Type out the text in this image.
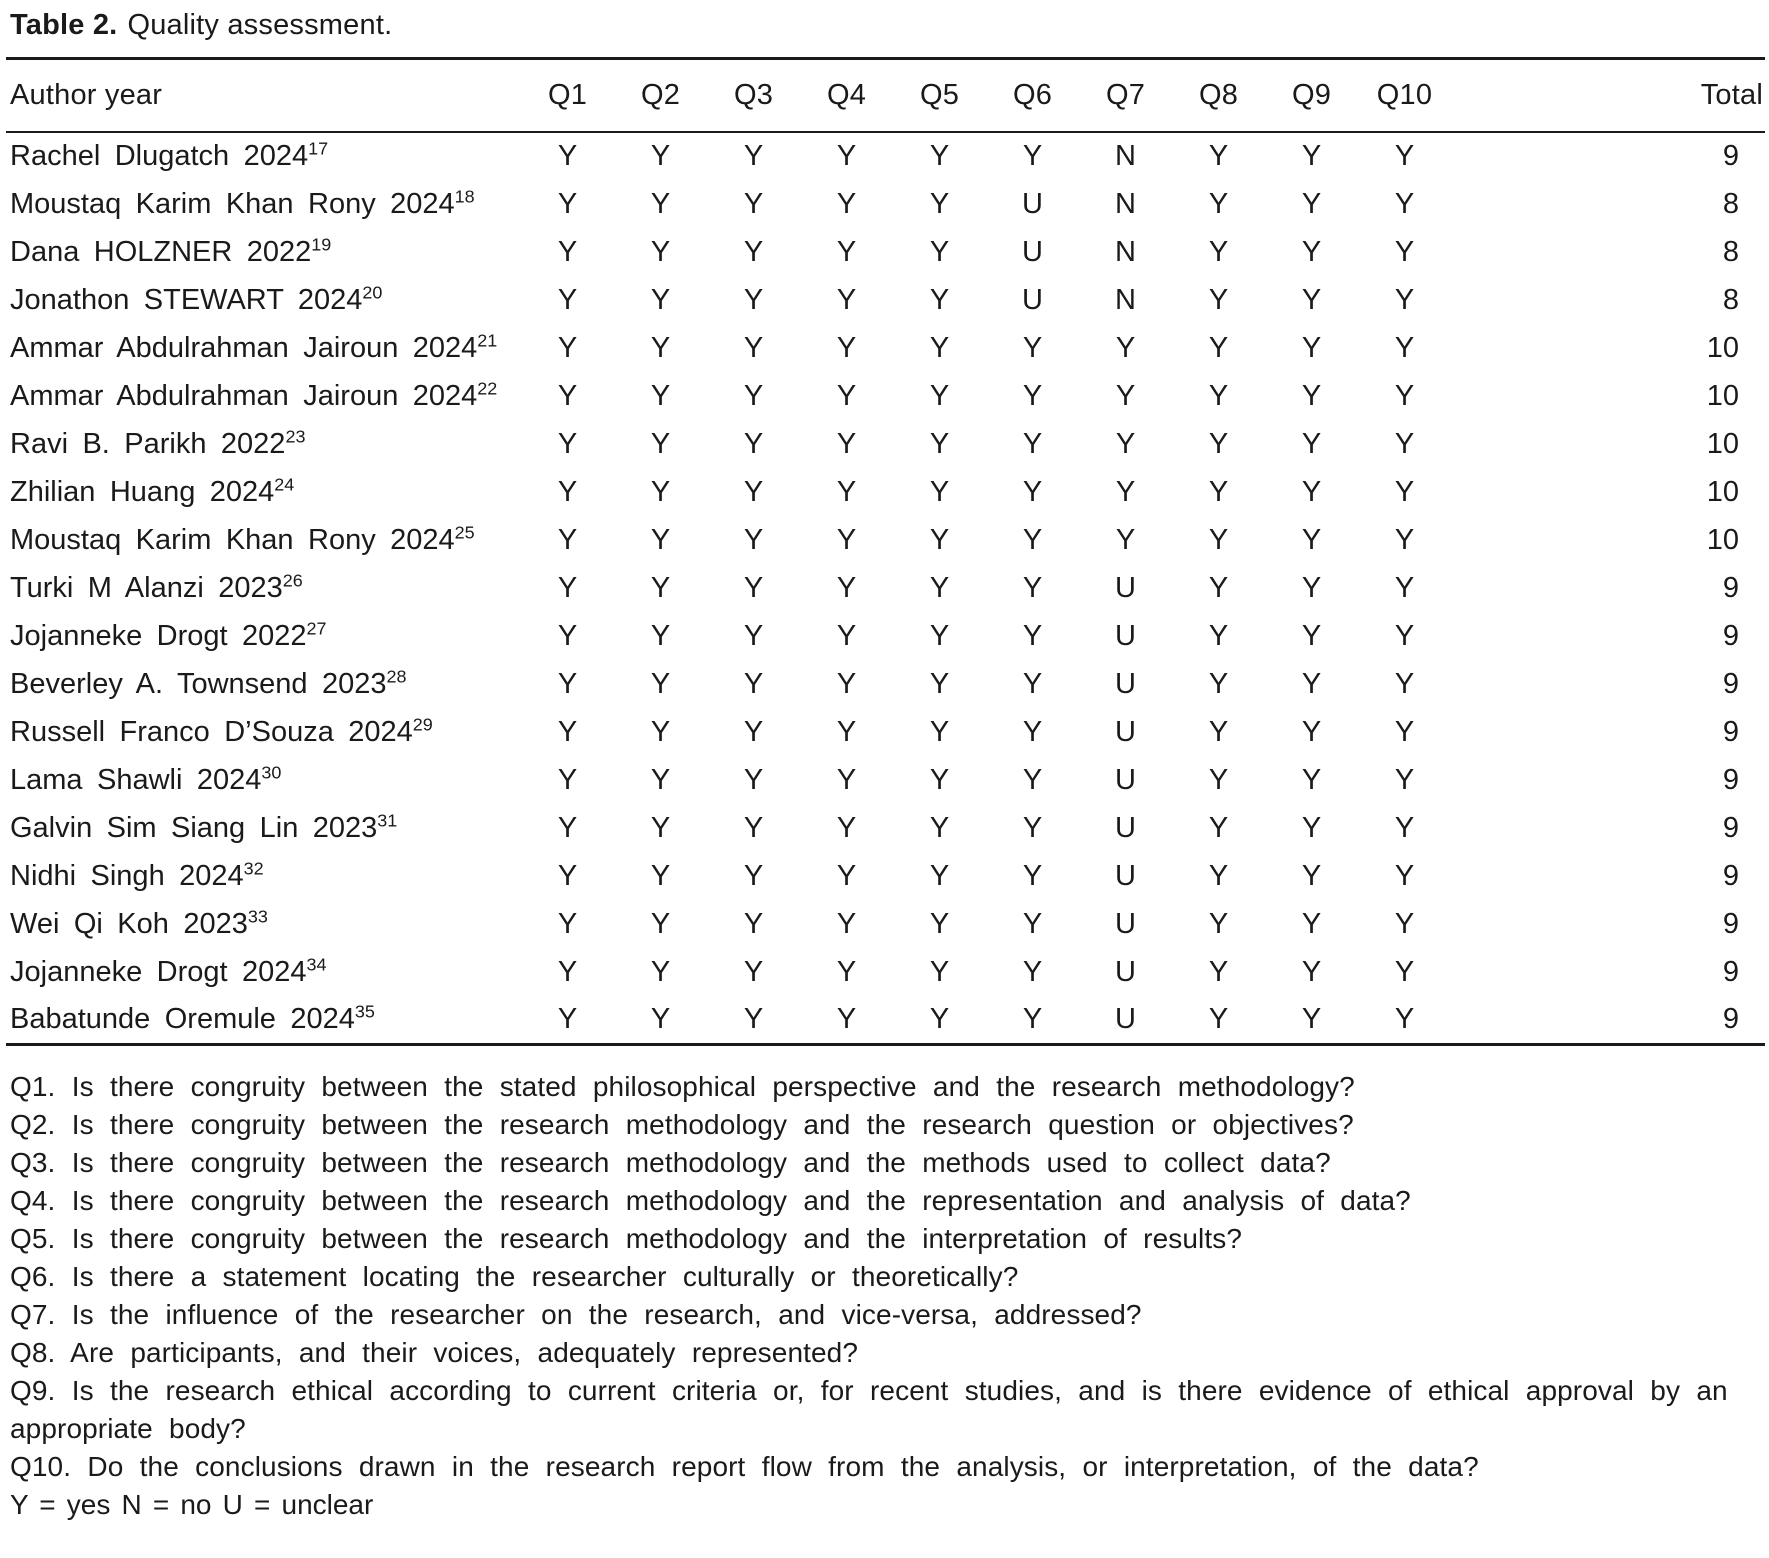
Table 2. Quality assessment.
Author year	Q1	Q2	Q3	Q4	Q5	Q6	Q7	Q8	Q9	Q10	Total
Rachel Dlugatch 2024$^{17}$	Y	Y	Y	Y	Y	Y	N	Y	Y	Y	9
Moustaq Karim Khan Rony 2024$^{18}$	Y	Y	Y	Y	Y	U	N	Y	Y	Y	8
Dana HOLZNER 2022$^{19}$	Y	Y	Y	Y	Y	U	N	Y	Y	Y	8
Jonathon STEWART 2024$^{20}$	Y	Y	Y	Y	Y	U	N	Y	Y	Y	8
Ammar Abdulrahman Jairoun 2024$^{21}$	Y	Y	Y	Y	Y	Y	Y	Y	Y	Y	10
Ammar Abdulrahman Jairoun 2024$^{22}$	Y	Y	Y	Y	Y	Y	Y	Y	Y	Y	10
Ravi B. Parikh 2022$^{23}$	Y	Y	Y	Y	Y	Y	Y	Y	Y	Y	10
Zhilian Huang 2024$^{24}$	Y	Y	Y	Y	Y	Y	Y	Y	Y	Y	10
Moustaq Karim Khan Rony 2024$^{25}$	Y	Y	Y	Y	Y	Y	Y	Y	Y	Y	10
Turki M Alanzi 2023$^{26}$	Y	Y	Y	Y	Y	Y	U	Y	Y	Y	9
Jojanneke Drogt 2022$^{27}$	Y	Y	Y	Y	Y	Y	U	Y	Y	Y	9
Beverley A. Townsend 2023$^{28}$	Y	Y	Y	Y	Y	Y	U	Y	Y	Y	9
Russell Franco D’Souza 2024$^{29}$	Y	Y	Y	Y	Y	Y	U	Y	Y	Y	9
Lama Shawli 2024$^{30}$	Y	Y	Y	Y	Y	Y	U	Y	Y	Y	9
Galvin Sim Siang Lin 2023$^{31}$	Y	Y	Y	Y	Y	Y	U	Y	Y	Y	9
Nidhi Singh 2024$^{32}$	Y	Y	Y	Y	Y	Y	U	Y	Y	Y	9
Wei Qi Koh 2023$^{33}$	Y	Y	Y	Y	Y	Y	U	Y	Y	Y	9
Jojanneke Drogt 2024$^{34}$	Y	Y	Y	Y	Y	Y	U	Y	Y	Y	9
Babatunde Oremule 2024$^{35}$	Y	Y	Y	Y	Y	Y	U	Y	Y	Y	9

Q1. Is there congruity between the stated philosophical perspective and the research methodology?

Q2. Is there congruity between the research methodology and the research question or objectives?

Q3. Is there congruity between the research methodology and the methods used to collect data?

Q4. Is there congruity between the research methodology and the representation and analysis of data?

Q5. Is there congruity between the research methodology and the interpretation of results?

Q6. Is there a statement locating the researcher culturally or theoretically?

Q7. Is the influence of the researcher on the research, and vice-versa, addressed?

Q8. Are participants, and their voices, adequately represented?

Q9. Is the research ethical according to current criteria or, for recent studies, and is there evidence of ethical approval by an appropriate body?

Q10. Do the conclusions drawn in the research report flow from the analysis, or interpretation, of the data?

Y = yes N = no U = unclear
